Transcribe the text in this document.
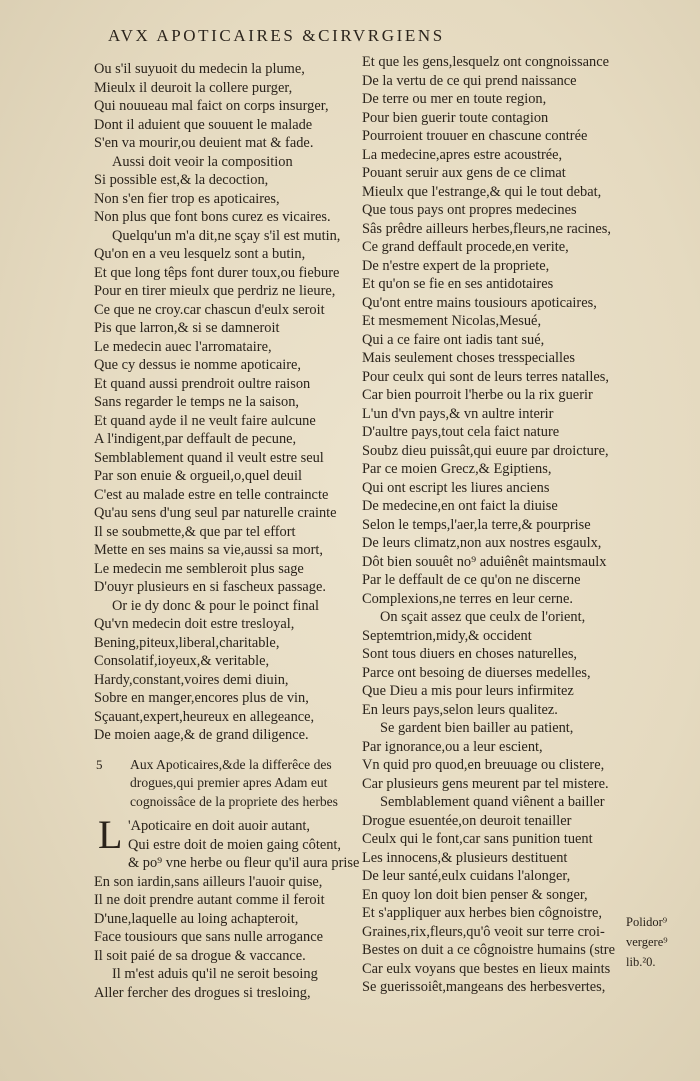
AVX APOTICAIRES &CIRVRGIENS
Ou s'il suyuoit du medecin la plume,
Mieulx il deuroit la collere purger,
Qui nouueau mal faict on corps insurger,
Dont il aduient que souuent le malade
S'en va mourir,ou deuient mat & fade.
Aussi doit veoir la composition
Si possible est,& la decoction,
Non s'en fier trop es apoticaires,
Non plus que font bons curez es vicaires.
Quelqu'un m'a dit,ne sçay s'il est mutin,
Qu'on en a veu lesquelz sont a butin,
Et que long têps font durer toux,ou fiebure
Pour en tirer mieulx que perdriz ne lieure,
Ce que ne croy.car chascun d'eulx seroit
Pis que larron,& si se damneroit
Le medecin auec l'arromataire,
Que cy dessus ie nomme apoticaire,
Et quand aussi prendroit oultre raison
Sans regarder le temps ne la saison,
Et quand ayde il ne veult faire aulcune
A l'indigent,par deffault de pecune,
Semblablement quand il veult estre seul
Par son enuie & orgueil,o,quel deuil
C'est au malade estre en telle contraincte
Qu'au sens d'ung seul par naturelle crainte
Il se soubmette,& que par tel effort
Mette en ses mains sa vie,aussi sa mort,
Le medecin me sembleroit plus sage
D'ouyr plusieurs en si fascheux passage.
Or ie dy donc & pour le poinct final
Qu'vn medecin doit estre tresloyal,
Bening,piteux,liberal,charitable,
Consolatif,ioyeux,& veritable,
Hardy,constant,voires demi diuin,
Sobre en manger,encores plus de vin,
Sçauant,expert,heureux en allegeance,
De moien aage,& de grand diligence.
5 Aux Apoticaires,&de la differêce des
drogues,qui premier apres Adam eut
cognoissâce de la propriete des herbes
L 'Apoticaire en doit auoir autant,
Qui estre doit de moien gaing côtent,
& po⁹ vne herbe ou fleur qu'il aura prise
En son iardin,sans ailleurs l'auoir quise,
Il ne doit prendre autant comme il feroit
D'une,laquelle au loing achapteroit,
Face tousiours que sans nulle arrogance
Il soit paié de sa drogue & vaccance.
Il m'est aduis qu'il ne seroit besoing
Aller fercher des drogues si tresloing,
Et que les gens,lesquelz ont congnoissance
De la vertu de ce qui prend naissance
De terre ou mer en toute region,
Pour bien guerir toute contagion
Pourroient trouuer en chascune contrée
La medecine,apres estre acoustrée,
Pouant seruir aux gens de ce climat
Mieulx que l'estrange,& qui le tout debat,
Que tous pays ont propres medecines
Sâs prêdre ailleurs herbes,fleurs,ne racines,
Ce grand deffault procede,en verite,
De n'estre expert de la propriete,
Et qu'on se fie en ses antidotaires
Qu'ont entre mains tousiours apoticaires,
Et mesmement Nicolas,Mesué,
Qui a ce faire ont iadis tant sué,
Mais seulement choses tresspecialles
Pour ceulx qui sont de leurs terres natalles,
Car bien pourroit l'herbe ou la rix guerir
L'un d'vn pays,& vn aultre interir
D'aultre pays,tout cela faict nature
Soubz dieu puissât,qui euure par droicture,
Par ce moien Grecz,& Egiptiens,
Qui ont escript les liures anciens
De medecine,en ont faict la diuise
Selon le temps,l'aer,la terre,& pourprise
De leurs climatz,non aux nostres esgaulx,
Dôt bien souuêt no⁹ aduiênêt maintsmaulx
Par le deffault de ce qu'on ne discerne
Complexions,ne terres en leur cerne.
On sçait assez que ceulx de l'orient,
Septemtrion,midy,& occident
Sont tous diuers en choses naturelles,
Parce ont besoing de diuerses medelles,
Que Dieu a mis pour leurs infirmitez
En leurs pays,selon leurs qualitez.
Se gardent bien bailler au patient,
Par ignorance,ou a leur escient,
Vn quid pro quod,en breuuage ou clistere,
Car plusieurs gens meurent par tel mistere.
Semblablement quand viênent a bailler
Drogue esuentée,on deuroit tenailler
Ceulx qui le font,car sans punition tuent
Les innocens,& plusieurs destituent
De leur santé,eulx cuidans l'alonger,
En quoy lon doit bien penser & songer,
Et s'appliquer aux herbes bien côgnoistre,
Graines,rix,fleurs,qu'ô veoit sur terre croi-
Bestes on duit a ce côgnoistre humains (stre
Car eulx voyans que bestes en lieux maints
Se guerissoiêt,mangeans des herbesvertes,
Polidor⁹
vergere⁹
lib.²0.
